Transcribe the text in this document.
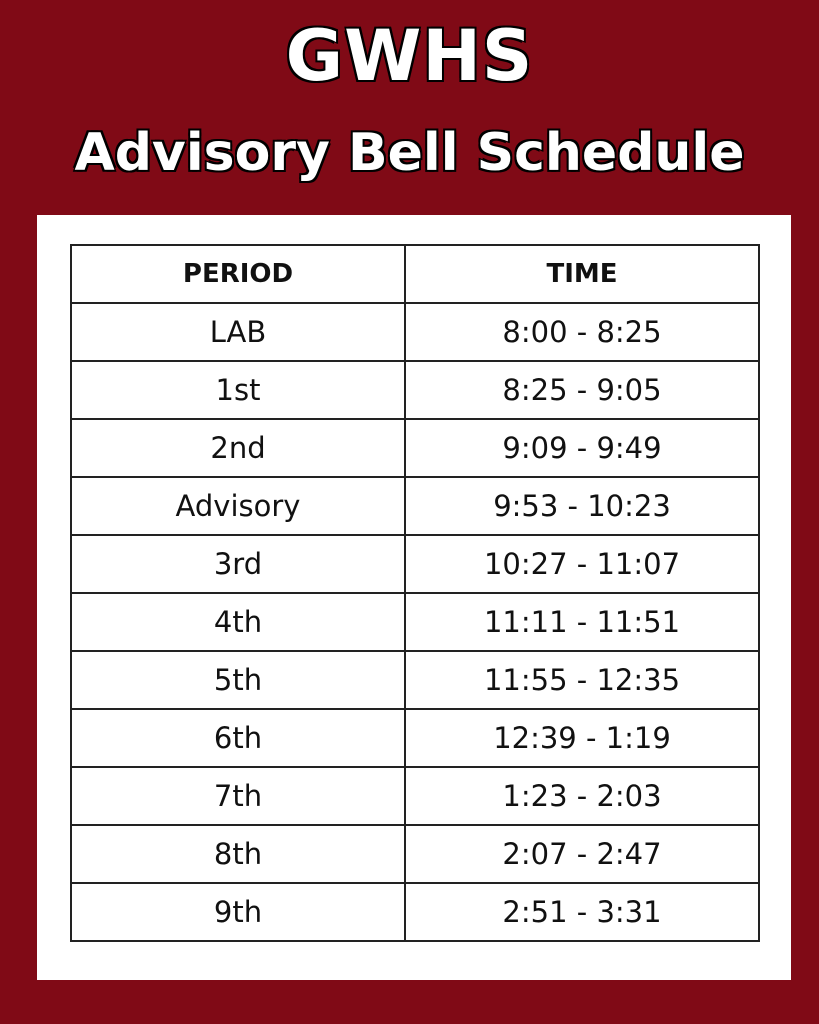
GWHS
Advisory Bell Schedule
PERIOD	TIME
LAB	8:00 - 8:25
1st	8:25 - 9:05
2nd	9:09 - 9:49
Advisory	9:53 - 10:23
3rd	10:27 - 11:07
4th	11:11 - 11:51
5th	11:55 - 12:35
6th	12:39 - 1:19
7th	1:23 - 2:03
8th	2:07 - 2:47
9th	2:51 - 3:31
